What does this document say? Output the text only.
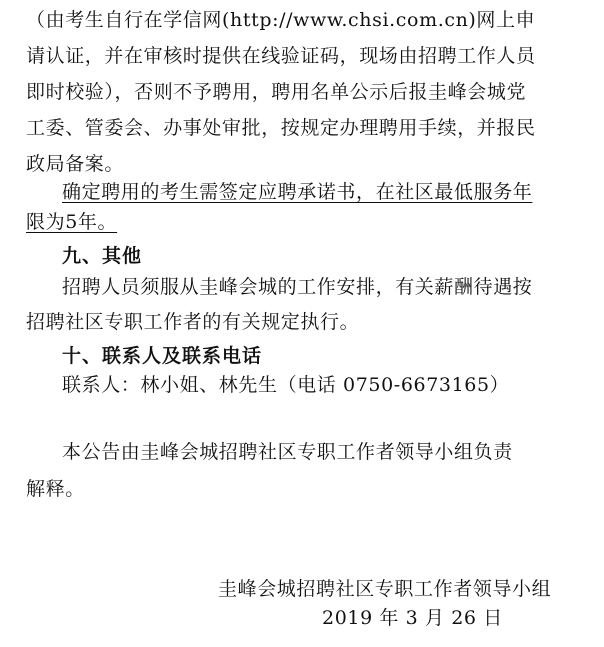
（由考生自行在学信网(http://www.chsi.com.cn)网上申
请认证，并在审核时提供在线验证码，现场由招聘工作人员
即时校验），否则不予聘用，聘用名单公示后报圭峰会城党
工委、管委会、办事处审批，按规定办理聘用手续，并报民
政局备案。
确定聘用的考生需签定应聘承诺书，在社区最低服务年
限为5年。
九、其他
招聘人员须服从圭峰会城的工作安排，有关薪酬待遇按
招聘社区专职工作者的有关规定执行。
十、联系人及联系电话
联系人：林小姐、林先生（电话 0750-6673165）
本公告由圭峰会城招聘社区专职工作者领导小组负责
解释。
圭峰会城招聘社区专职工作者领导小组
2019 年 3 月 26 日
